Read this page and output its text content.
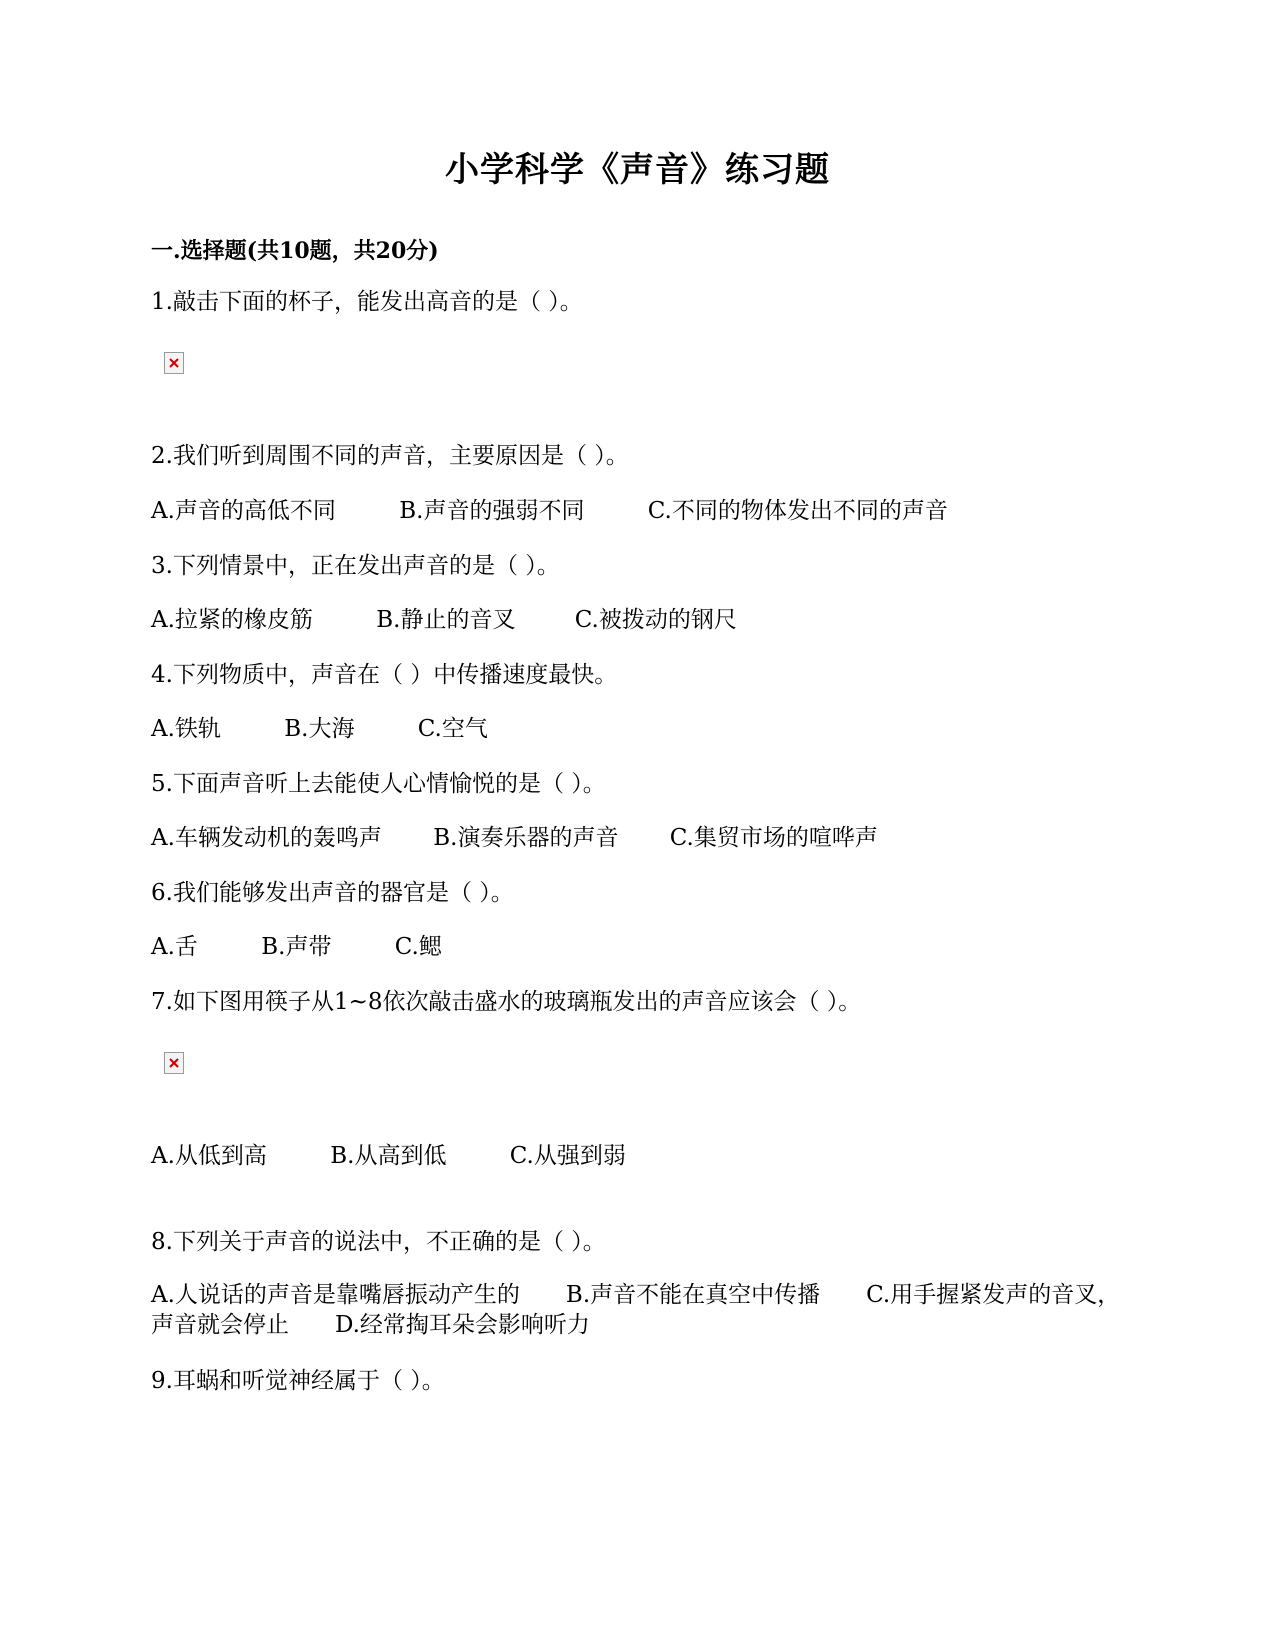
小学科学《声音》练习题
一.选择题(共10题，共20分)
1.敲击下面的杯子，能发出高音的是（ ）。
2.我们听到周围不同的声音，主要原因是（ ）。
A.声音的高低不同	B.声音的强弱不同	C.不同的物体发出不同的声音
3.下列情景中，正在发出声音的是（ ）。
A.拉紧的橡皮筋	B.静止的音叉	C.被拨动的钢尺
4.下列物质中，声音在（ ）中传播速度最快。
A.铁轨	B.大海	C.空气
5.下面声音听上去能使人心情愉悦的是（ ）。
A.车辆发动机的轰鸣声 B.演奏乐器的声音 C.集贸市场的喧哗声
6.我们能够发出声音的器官是（ ）。
A.舌	B.声带	C.鳃
7.如下图用筷子从1~8依次敲击盛水的玻璃瓶发出的声音应该会（ ）。
A.从低到高	B.从高到低	C.从强到弱
8.下列关于声音的说法中，不正确的是（ ）。
A.人说话的声音是靠嘴唇振动产生的 B.声音不能在真空中传播 C.用手握紧发声的音叉，声音就会停止 D.经常掏耳朵会影响听力
9.耳蜗和听觉神经属于（ ）。
